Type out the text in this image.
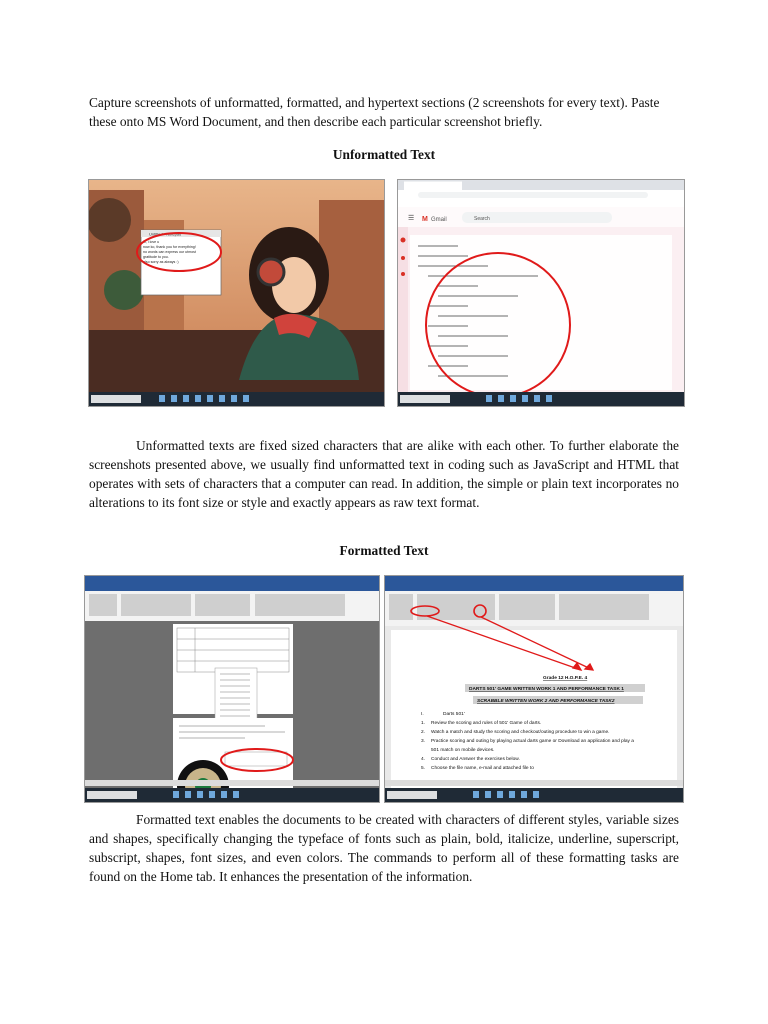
Capture screenshots of unformatted, formatted, and hypertext sections (2 screenshots for every text). Paste these onto MS Word Document, and then describe each particular screenshot briefly.

Unformatted Text
Untitled - Notepad
hi, i love u now ko, thank you for everything! no words can express our utmost gratitude to you. also sorry as always :)
☰ M Gmail	Search

Unformatted texts are fixed sized characters that are alike with each other. To further elaborate the screenshots presented above, we usually find unformatted text in coding such as JavaScript and HTML that operates with sets of characters that a computer can read. In addition, the simple or plain text incorporates no alterations to its font size or style and exactly appears as raw text format.

Formatted Text
Grade 12 H.O.P.E. 4
DARTS 501' GAME WRITTEN WORK 1 AND PERFORMANCE TASK 1
SCRABBLE WRITTEN WORK 2 AND PERFORMANCE TASK2
I.	Darts 501'
1. Review the scoring and rules of 501' Game of darts.
2. Watch a match and study the scoring and checkout/outing procedure to win a game.
3. Practice scoring and outing by playing actual darts game or Download an application and play a
501 match on mobile devices.
4. Conduct and Answer the exercises below.
5. Choose the file name, e-mail and attached file to

Formatted text enables the documents to be created with characters of different styles, variable sizes and shapes, specifically changing the typeface of fonts such as plain, bold, italicize, underline, superscript, subscript, shapes, font sizes, and even colors. The commands to perform all of these formatting tasks are found on the Home tab. It enhances the presentation of the information.
